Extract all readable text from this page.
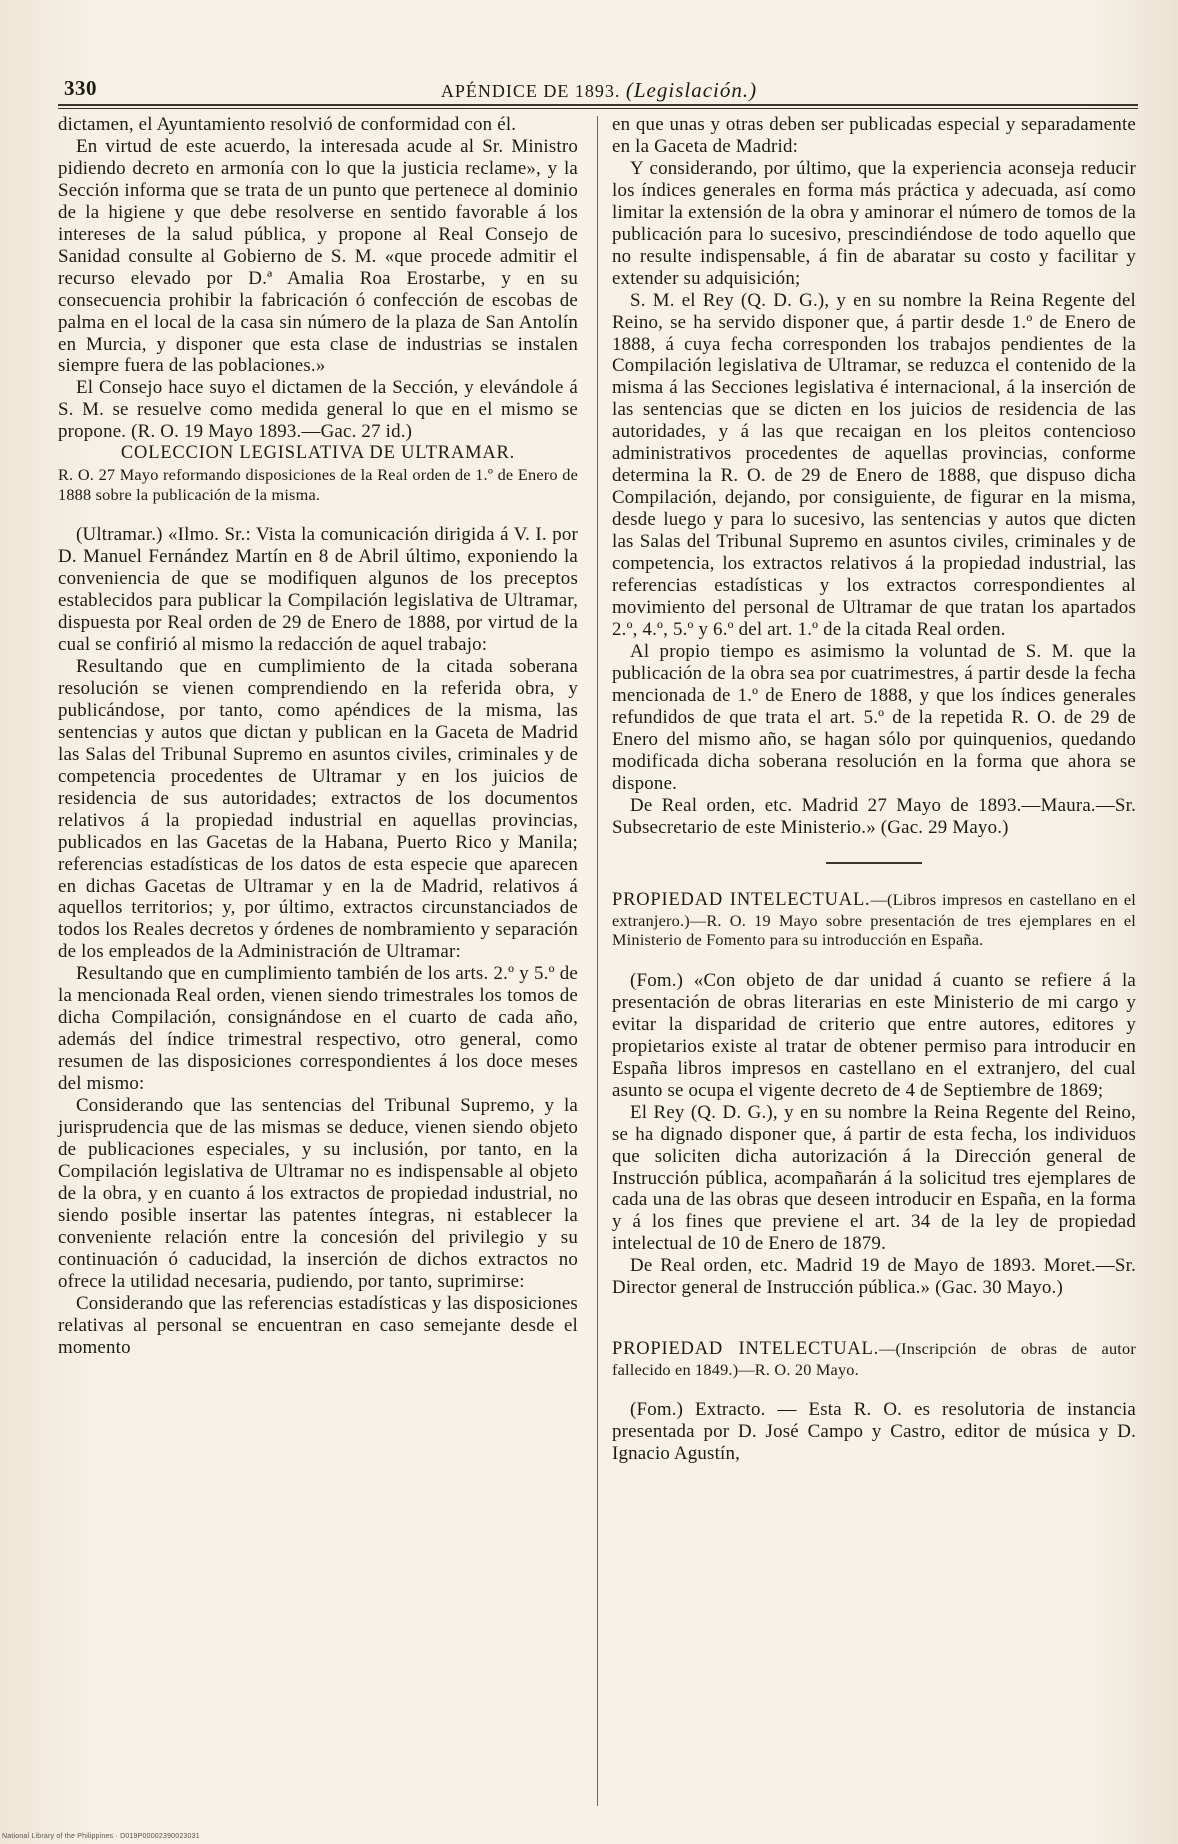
330	APÉNDICE DE 1893. (Legislación.)

dictamen, el Ayuntamiento resolvió de conformidad con él.

En virtud de este acuerdo, la interesada acude al Sr. Ministro pidiendo decreto en armonía con lo que la justicia reclame», y la Sección informa que se trata de un punto que pertenece al dominio de la higiene y que debe resolverse en sentido favorable á los intereses de la salud pública, y propone al Real Consejo de Sanidad consulte al Gobierno de S. M. «que procede admitir el recurso elevado por D.ª Amalia Roa Erostarbe, y en su consecuencia prohibir la fabricación ó confección de escobas de palma en el local de la casa sin número de la plaza de San Antolín en Murcia, y disponer que esta clase de industrias se instalen siempre fuera de las poblaciones.»

El Consejo hace suyo el dictamen de la Sección, y elevándole á S. M. se resuelve como medida general lo que en el mismo se propone. (R. O. 19 Mayo 1893.—Gac. 27 id.)

COLECCION LEGISLATIVA DE ULTRAMAR.

R. O. 27 Mayo reformando disposiciones de la Real orden de 1.º de Enero de 1888 sobre la publicación de la misma.

(Ultramar.) «Ilmo. Sr.: Vista la comunicación dirigida á V. I. por D. Manuel Fernández Martín en 8 de Abril último, exponiendo la conveniencia de que se modifiquen algunos de los preceptos establecidos para publicar la Compilación legislativa de Ultramar, dispuesta por Real orden de 29 de Enero de 1888, por virtud de la cual se confirió al mismo la redacción de aquel trabajo:

Resultando que en cumplimiento de la citada soberana resolución se vienen comprendiendo en la referida obra, y publicándose, por tanto, como apéndices de la misma, las sentencias y autos que dictan y publican en la Gaceta de Madrid las Salas del Tribunal Supremo en asuntos civiles, criminales y de competencia procedentes de Ultramar y en los juicios de residencia de sus autoridades; extractos de los documentos relativos á la propiedad industrial en aquellas provincias, publicados en las Gacetas de la Habana, Puerto Rico y Manila; referencias estadísticas de los datos de esta especie que aparecen en dichas Gacetas de Ultramar y en la de Madrid, relativos á aquellos territorios; y, por último, extractos circunstanciados de todos los Reales decretos y órdenes de nombramiento y separación de los empleados de la Administración de Ultramar:

Resultando que en cumplimiento también de los arts. 2.º y 5.º de la mencionada Real orden, vienen siendo trimestrales los tomos de dicha Compilación, consignándose en el cuarto de cada año, además del índice trimestral respectivo, otro general, como resumen de las disposiciones correspondientes á los doce meses del mismo:

Considerando que las sentencias del Tribunal Supremo, y la jurisprudencia que de las mismas se deduce, vienen siendo objeto de publicaciones especiales, y su inclusión, por tanto, en la Compilación legislativa de Ultramar no es indispensable al objeto de la obra, y en cuanto á los extractos de propiedad industrial, no siendo posible insertar las patentes íntegras, ni establecer la conveniente relación entre la concesión del privilegio y su continuación ó caducidad, la inserción de dichos extractos no ofrece la utilidad necesaria, pudiendo, por tanto, suprimirse:

Considerando que las referencias estadísticas y las disposiciones relativas al personal se encuentran en caso semejante desde el momento

en que unas y otras deben ser publicadas especial y separadamente en la Gaceta de Madrid:

Y considerando, por último, que la experiencia aconseja reducir los índices generales en forma más práctica y adecuada, así como limitar la extensión de la obra y aminorar el número de tomos de la publicación para lo sucesivo, prescindiéndose de todo aquello que no resulte indispensable, á fin de abaratar su costo y facilitar y extender su adquisición;

S. M. el Rey (Q. D. G.), y en su nombre la Reina Regente del Reino, se ha servido disponer que, á partir desde 1.º de Enero de 1888, á cuya fecha corresponden los trabajos pendientes de la Compilación legislativa de Ultramar, se reduzca el contenido de la misma á las Secciones legislativa é internacional, á la inserción de las sentencias que se dicten en los juicios de residencia de las autoridades, y á las que recaigan en los pleitos contencioso administrativos procedentes de aquellas provincias, conforme determina la R. O. de 29 de Enero de 1888, que dispuso dicha Compilación, dejando, por consiguiente, de figurar en la misma, desde luego y para lo sucesivo, las sentencias y autos que dicten las Salas del Tribunal Supremo en asuntos civiles, criminales y de competencia, los extractos relativos á la propiedad industrial, las referencias estadísticas y los extractos correspondientes al movimiento del personal de Ultramar de que tratan los apartados 2.º, 4.º, 5.º y 6.º del art. 1.º de la citada Real orden.

Al propio tiempo es asimismo la voluntad de S. M. que la publicación de la obra sea por cuatrimestres, á partir desde la fecha mencionada de 1.º de Enero de 1888, y que los índices generales refundidos de que trata el art. 5.º de la repetida R. O. de 29 de Enero del mismo año, se hagan sólo por quinquenios, quedando modificada dicha soberana resolución en la forma que ahora se dispone.

De Real orden, etc. Madrid 27 Mayo de 1893.—Maura.—Sr. Subsecretario de este Ministerio.» (Gac. 29 Mayo.)

PROPIEDAD INTELECTUAL.—(Libros impresos en castellano en el extranjero.)—R. O. 19 Mayo sobre presentación de tres ejemplares en el Ministerio de Fomento para su introducción en España.

(Fom.) «Con objeto de dar unidad á cuanto se refiere á la presentación de obras literarias en este Ministerio de mi cargo y evitar la disparidad de criterio que entre autores, editores y propietarios existe al tratar de obtener permiso para introducir en España libros impresos en castellano en el extranjero, del cual asunto se ocupa el vigente decreto de 4 de Septiembre de 1869;

El Rey (Q. D. G.), y en su nombre la Reina Regente del Reino, se ha dignado disponer que, á partir de esta fecha, los individuos que soliciten dicha autorización á la Dirección general de Instrucción pública, acompañarán á la solicitud tres ejemplares de cada una de las obras que deseen introducir en España, en la forma y á los fines que previene el art. 34 de la ley de propiedad intelectual de 10 de Enero de 1879.

De Real orden, etc. Madrid 19 de Mayo de 1893. Moret.—Sr. Director general de Instrucción pública.» (Gac. 30 Mayo.)

PROPIEDAD INTELECTUAL.—(Inscripción de obras de autor fallecido en 1849.)—R. O. 20 Mayo.

(Fom.) Extracto. — Esta R. O. es resolutoria de instancia presentada por D. José Campo y Castro, editor de música y D. Ignacio Agustín,

National Library of the Philippines · D019P00002390023031
